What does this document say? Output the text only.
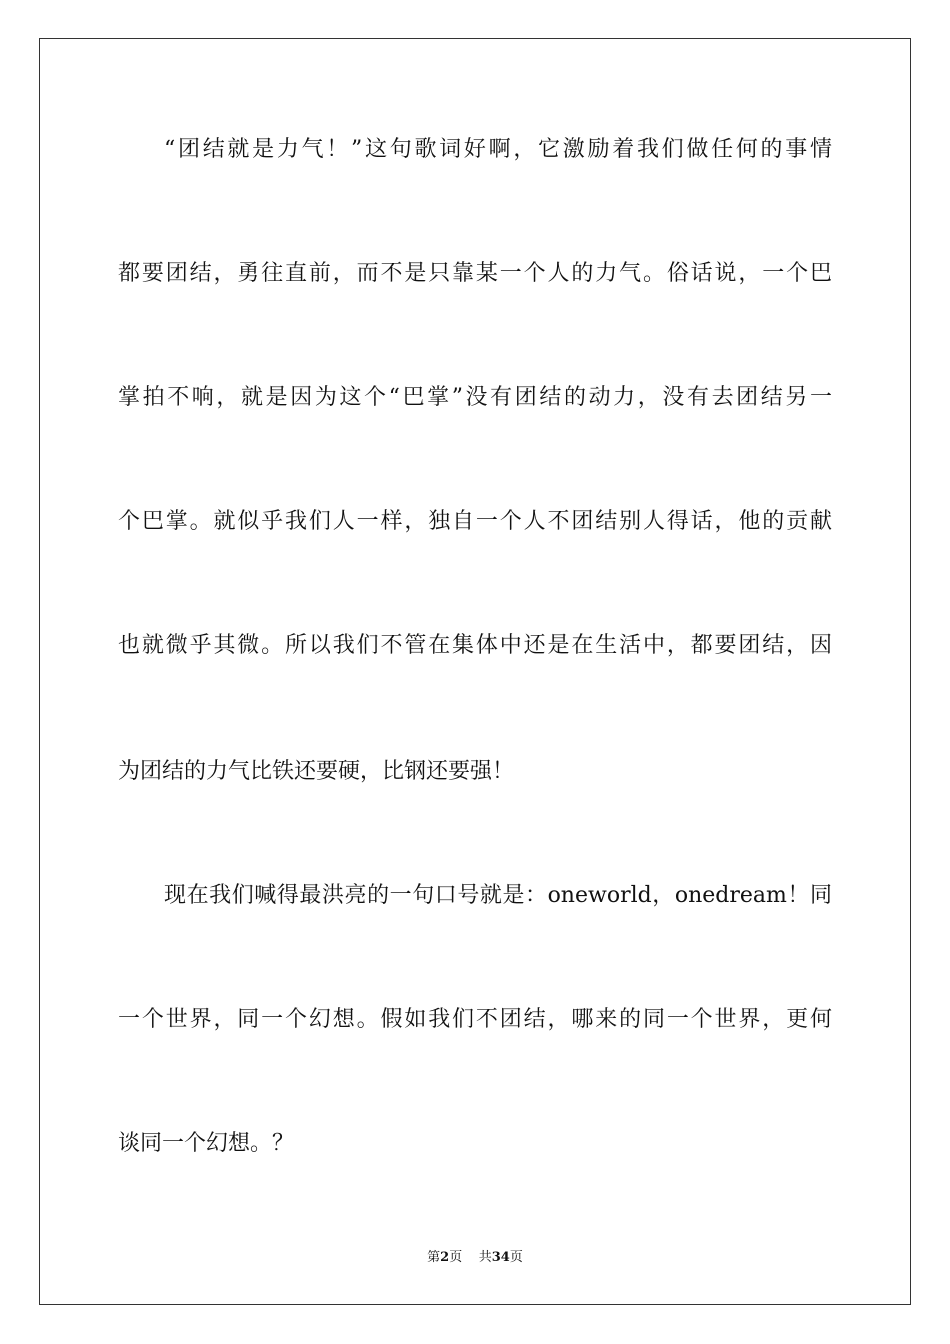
“团结就是力气！”这句歌词好啊，它激励着我们做任何的事情
都要团结，勇往直前，而不是只靠某一个人的力气。俗话说，一个巴
掌拍不响，就是因为这个“巴掌”没有团结的动力，没有去团结另一
个巴掌。就似乎我们人一样，独自一个人不团结别人得话，他的贡献
也就微乎其微。所以我们不管在集体中还是在生活中，都要团结，因
为团结的力气比铁还要硬，比钢还要强！
现在我们喊得最洪亮的一句口号就是：oneworld，onedream！同
一个世界，同一个幻想。假如我们不团结，哪来的同一个世界，更何
谈同一个幻想。？
第2页 共34页
